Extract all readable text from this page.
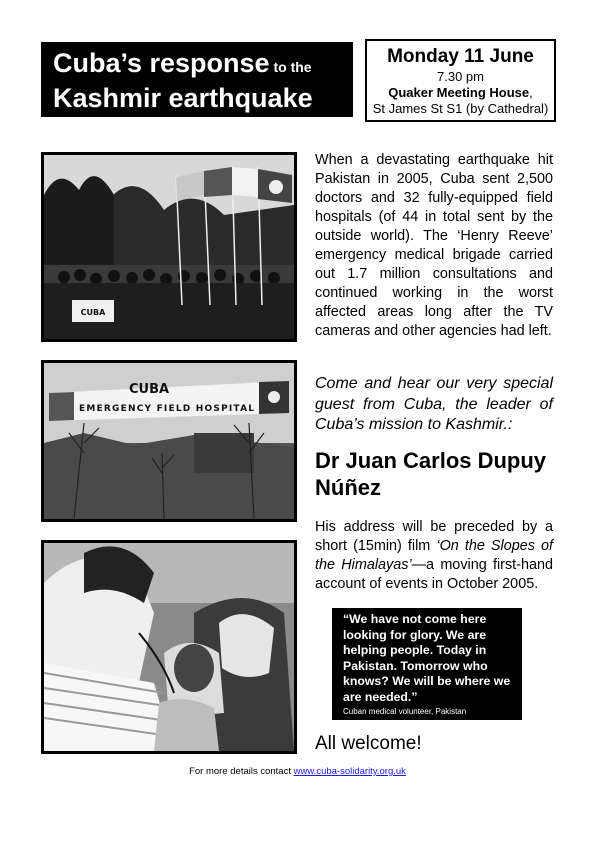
Cuba’s response to the
Kashmir earthquake
Monday 11 June
7.30 pm
Quaker Meeting House,
St James St S1 (by Cathedral)
CUBA
CUBA
EMERGENCY FIELD HOSPITAL

When a devastating earthquake hit Pakistan in 2005, Cuba sent 2,500 doctors and 32 fully-equipped field hospitals (of 44 in total sent by the outside world). The ‘Henry Reeve’ emergency medical brigade carried out 1.7 million consultations and continued working in the worst affected areas long after the TV cameras and other agencies had left.

Come and hear our very special guest from Cuba, the leader of Cuba’s mission to Kashmir.:

Dr Juan Carlos Dupuy Núñez

His address will be preceded by a short (15min) film ‘On the Slopes of the Himalayas’—a moving first-hand account of events in October 2005.

“We have not come here looking for glory. We are helping people. Today in Pakistan. Tomorrow who knows? We will be where we are needed.”
Cuban medical volunteer, Pakistan
All welcome!
For more details contact www.cuba-solidarity.org.uk
